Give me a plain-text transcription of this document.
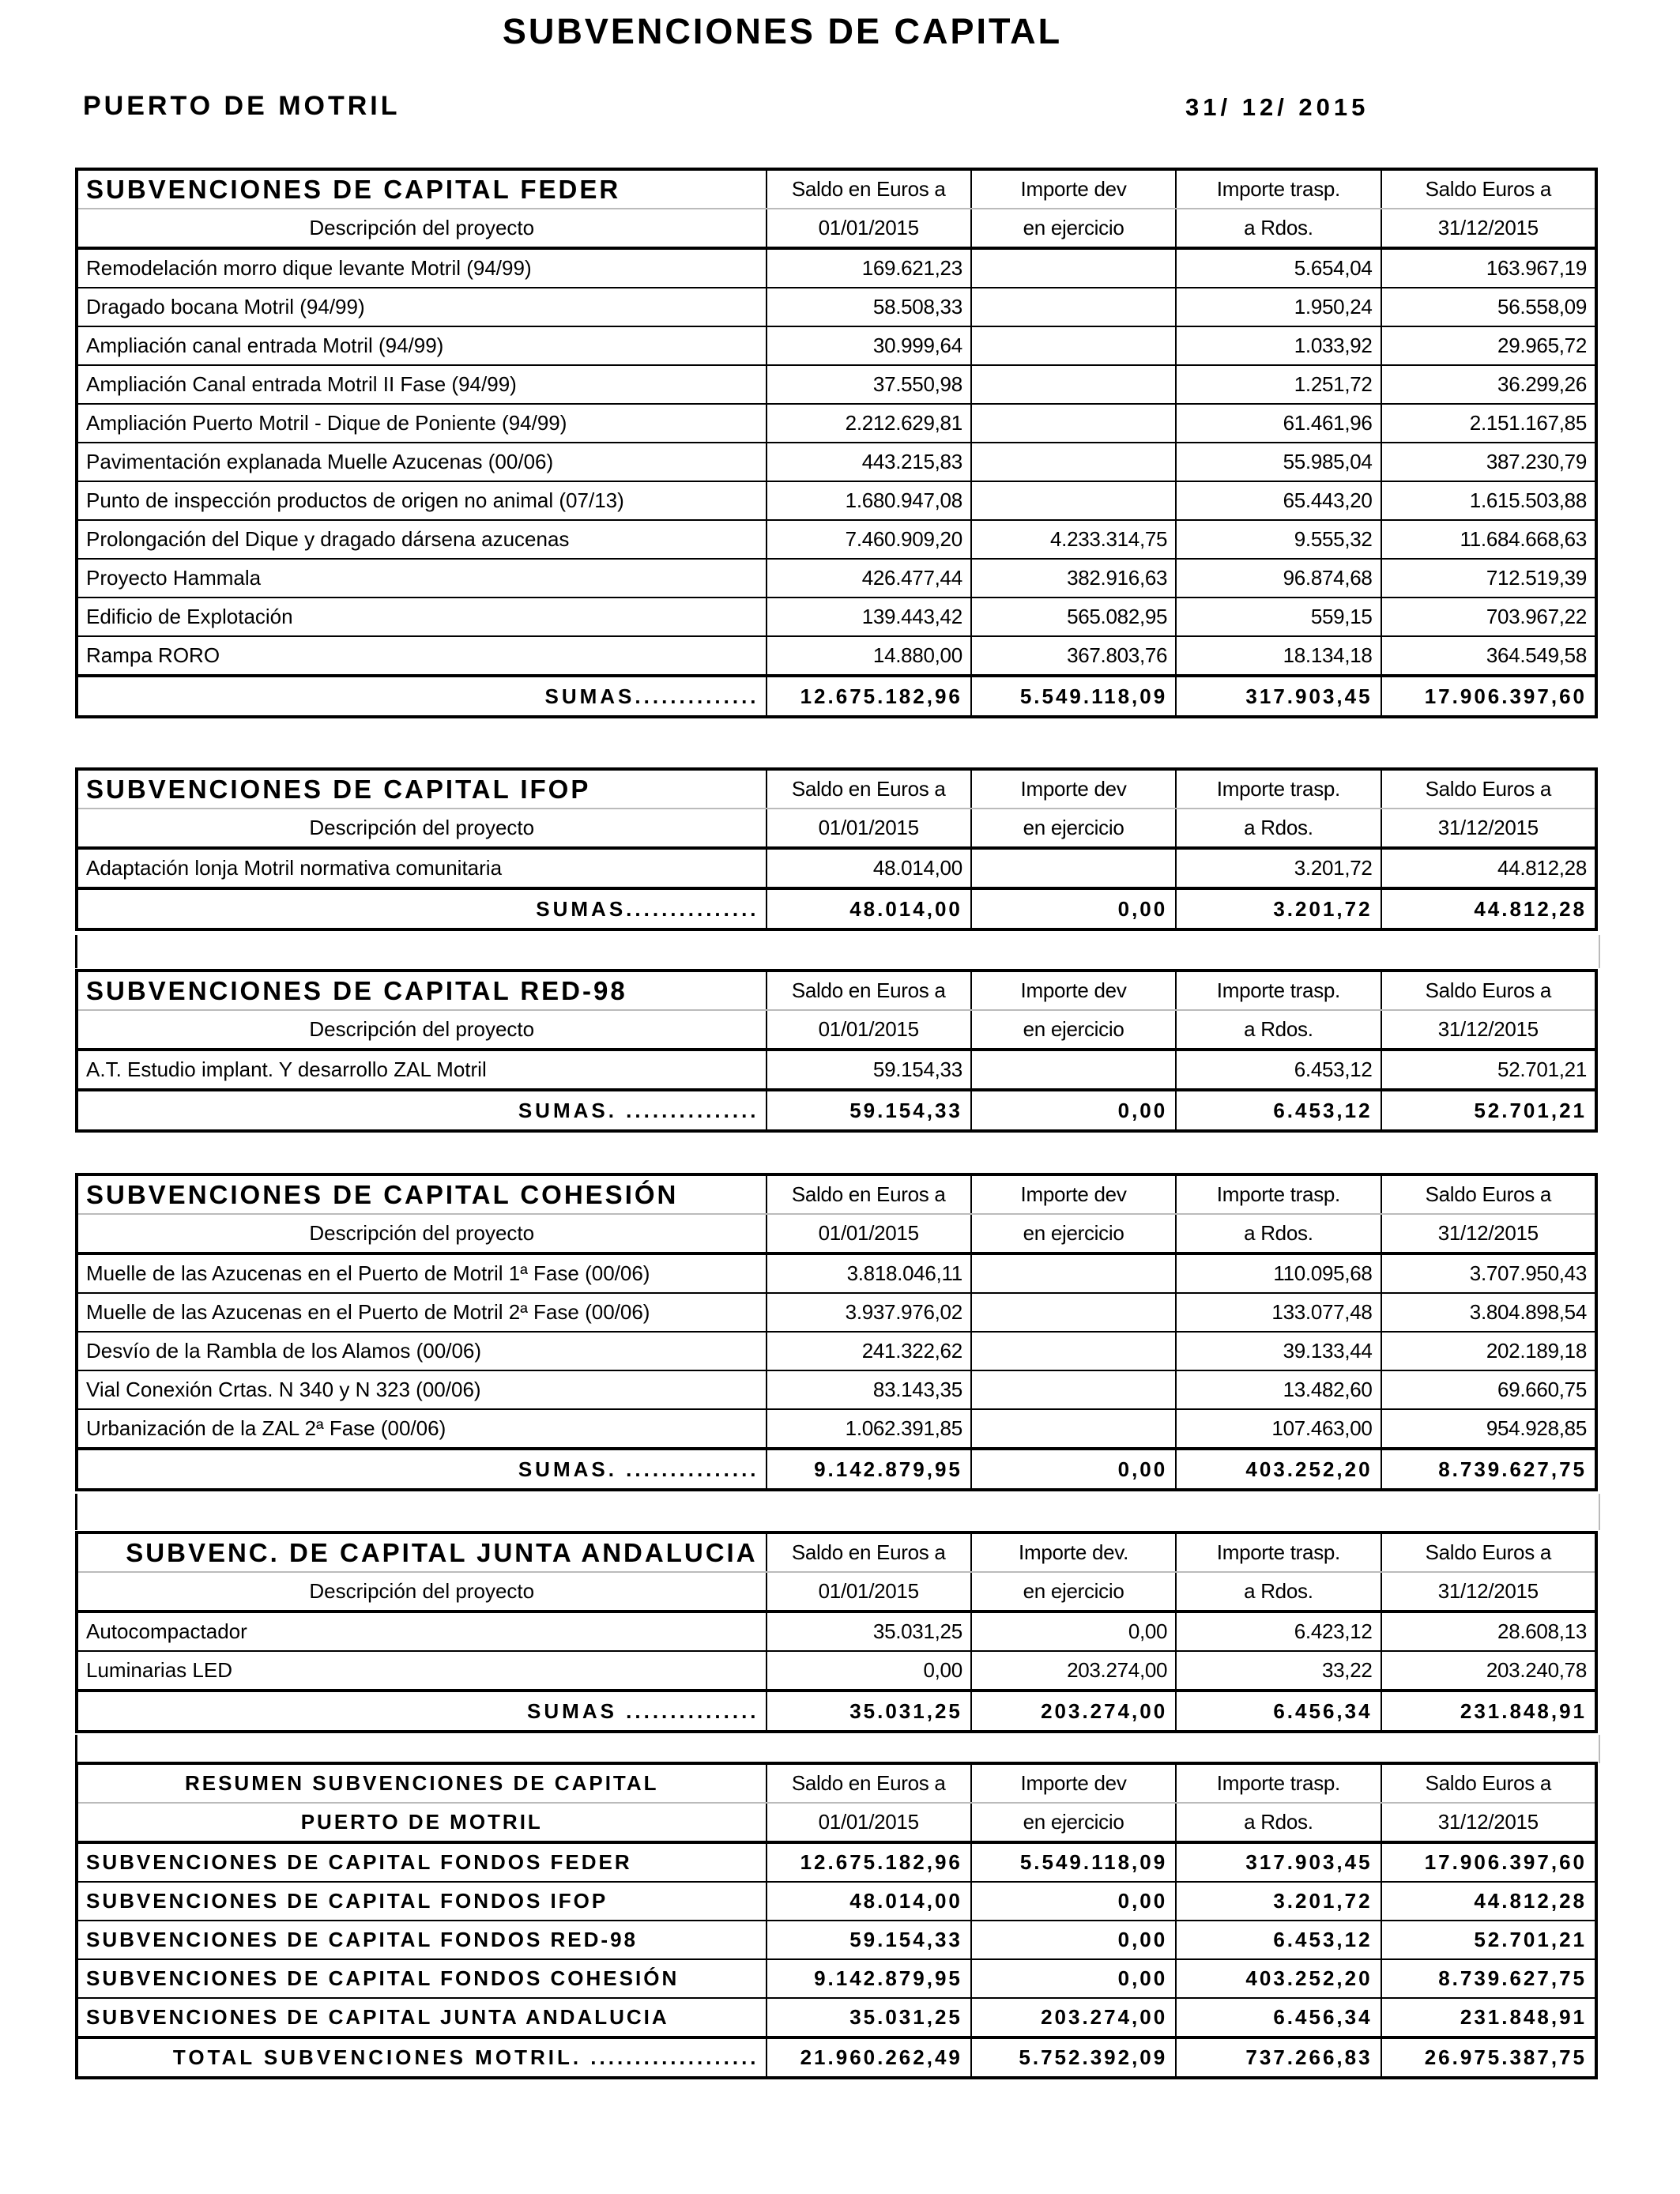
SUBVENCIONES DE CAPITAL
PUERTO DE MOTRIL	31/ 12/ 2015
SUBVENCIONES DE CAPITAL FEDER	Saldo en Euros a	Importe dev	Importe trasp.	Saldo Euros a
Descripción del proyecto	01/01/2015	en ejercicio	a Rdos.	31/12/2015
Remodelación morro dique levante Motril (94/99)	169.621,23		5.654,04	163.967,19
Dragado bocana Motril (94/99)	58.508,33		1.950,24	56.558,09
Ampliación canal entrada Motril (94/99)	30.999,64		1.033,92	29.965,72
Ampliación Canal entrada Motril II Fase (94/99)	37.550,98		1.251,72	36.299,26
Ampliación Puerto Motril - Dique de Poniente (94/99)	2.212.629,81		61.461,96	2.151.167,85
Pavimentación explanada Muelle Azucenas (00/06)	443.215,83		55.985,04	387.230,79
Punto de inspección productos de origen no animal (07/13)	1.680.947,08		65.443,20	1.615.503,88
Prolongación del Dique y dragado dársena azucenas	7.460.909,20	4.233.314,75	9.555,32	11.684.668,63
Proyecto Hammala	426.477,44	382.916,63	96.874,68	712.519,39
Edificio de Explotación	139.443,42	565.082,95	559,15	703.967,22
Rampa RORO	14.880,00	367.803,76	18.134,18	364.549,58
SUMAS..............	12.675.182,96	5.549.118,09	317.903,45	17.906.397,60
SUBVENCIONES DE CAPITAL IFOP	Saldo en Euros a	Importe dev	Importe trasp.	Saldo Euros a
Descripción del proyecto	01/01/2015	en ejercicio	a Rdos.	31/12/2015
Adaptación lonja Motril normativa comunitaria	48.014,00		3.201,72	44.812,28
SUMAS...............	48.014,00	0,00	3.201,72	44.812,28
SUBVENCIONES DE CAPITAL RED-98	Saldo en Euros a	Importe dev	Importe trasp.	Saldo Euros a
Descripción del proyecto	01/01/2015	en ejercicio	a Rdos.	31/12/2015
A.T. Estudio implant. Y desarrollo ZAL Motril	59.154,33		6.453,12	52.701,21
SUMAS. ...............	59.154,33	0,00	6.453,12	52.701,21
SUBVENCIONES DE CAPITAL COHESIÓN	Saldo en Euros a	Importe dev	Importe trasp.	Saldo Euros a
Descripción del proyecto	01/01/2015	en ejercicio	a Rdos.	31/12/2015
Muelle de las Azucenas en el Puerto de Motril 1ª Fase (00/06)	3.818.046,11		110.095,68	3.707.950,43
Muelle de las Azucenas en el Puerto de Motril 2ª Fase (00/06)	3.937.976,02		133.077,48	3.804.898,54
Desvío de la Rambla de los Alamos (00/06)	241.322,62		39.133,44	202.189,18
Vial Conexión Crtas. N 340 y N 323 (00/06)	83.143,35		13.482,60	69.660,75
Urbanización de la ZAL 2ª Fase (00/06)	1.062.391,85		107.463,00	954.928,85
SUMAS. ...............	9.142.879,95	0,00	403.252,20	8.739.627,75
SUBVENC. DE CAPITAL JUNTA ANDALUCIA	Saldo en Euros a	Importe dev.	Importe trasp.	Saldo Euros a
Descripción del proyecto	01/01/2015	en ejercicio	a Rdos.	31/12/2015
Autocompactador	35.031,25	0,00	6.423,12	28.608,13
Luminarias LED	0,00	203.274,00	33,22	203.240,78
SUMAS ...............	35.031,25	203.274,00	6.456,34	231.848,91
RESUMEN SUBVENCIONES DE CAPITAL	Saldo en Euros a	Importe dev	Importe trasp.	Saldo Euros a
PUERTO DE MOTRIL	01/01/2015	en ejercicio	a Rdos.	31/12/2015
SUBVENCIONES DE CAPITAL FONDOS FEDER	12.675.182,96	5.549.118,09	317.903,45	17.906.397,60
SUBVENCIONES DE CAPITAL FONDOS IFOP	48.014,00	0,00	3.201,72	44.812,28
SUBVENCIONES DE CAPITAL FONDOS RED-98	59.154,33	0,00	6.453,12	52.701,21
SUBVENCIONES DE CAPITAL FONDOS COHESIÓN	9.142.879,95	0,00	403.252,20	8.739.627,75
SUBVENCIONES DE CAPITAL JUNTA ANDALUCIA	35.031,25	203.274,00	6.456,34	231.848,91
TOTAL SUBVENCIONES MOTRIL. ...................	21.960.262,49	5.752.392,09	737.266,83	26.975.387,75
